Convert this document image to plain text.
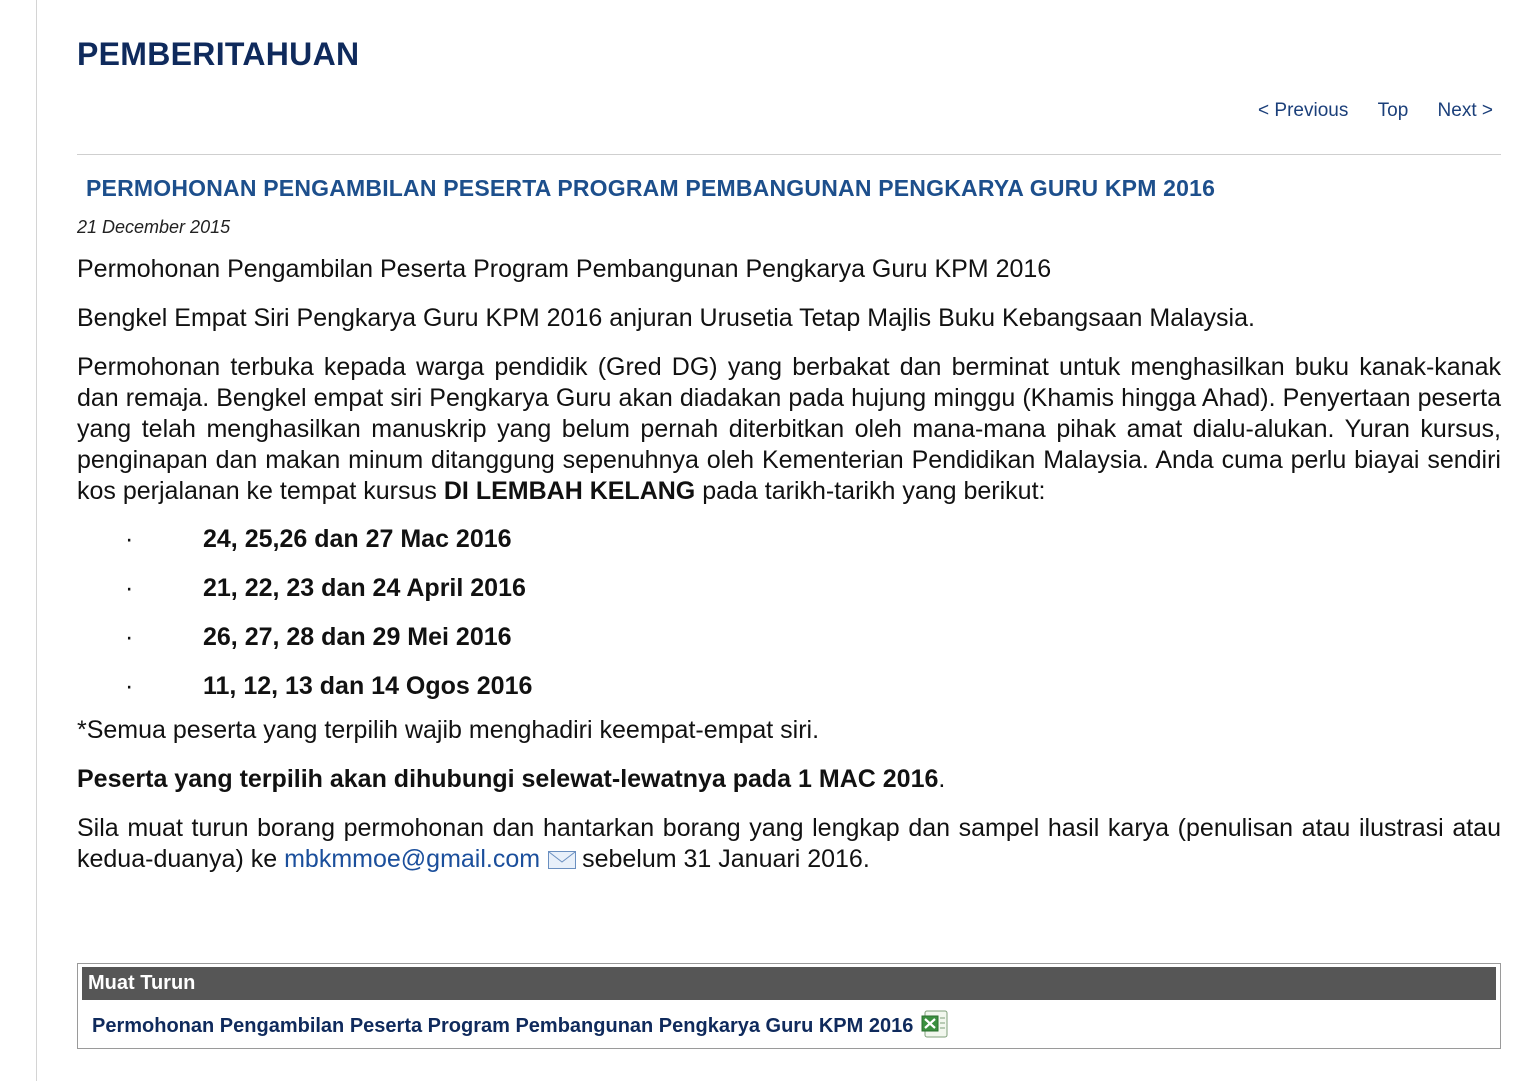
PEMBERITAHUAN
< Previous Top Next >
PERMOHONAN PENGAMBILAN PESERTA PROGRAM PEMBANGUNAN PENGKARYA GURU KPM 2016
21 December 2015

Permohonan Pengambilan Peserta Program Pembangunan Pengkarya Guru KPM 2016

Bengkel Empat Siri Pengkarya Guru KPM 2016 anjuran Urusetia Tetap Majlis Buku Kebangsaan Malaysia.

Permohonan terbuka kepada warga pendidik (Gred DG) yang berbakat dan berminat untuk menghasilkan buku kanak-kanak dan remaja. Bengkel empat siri Pengkarya Guru akan diadakan pada hujung minggu (Khamis hingga Ahad). Penyertaan peserta yang telah menghasilkan manuskrip yang belum pernah diterbitkan oleh mana-mana pihak amat dialu-alukan. Yuran kursus, penginapan dan makan minum ditanggung sepenuhnya oleh Kementerian Pendidikan Malaysia. Anda cuma perlu biayai sendiri kos perjalanan ke tempat kursus DI LEMBAH KELANG pada tarikh-tarikh yang berikut:

·	24, 25,26 dan 27 Mac 2016
·	21, 22, 23 dan 24 April 2016
·	26, 27, 28 dan 29 Mei 2016
·	11, 12, 13 dan 14 Ogos 2016

*Semua peserta yang terpilih wajib menghadiri keempat-empat siri.

Peserta yang terpilih akan dihubungi selewat-lewatnya pada 1 MAC 2016.

Sila muat turun borang permohonan dan hantarkan borang yang lengkap dan sampel hasil karya (penulisan atau ilustrasi atau kedua-duanya) ke mbkmmoe@gmail.com sebelum 31 Januari 2016.

Muat Turun
Permohonan Pengambilan Peserta Program Pembangunan Pengkarya Guru KPM 2016
